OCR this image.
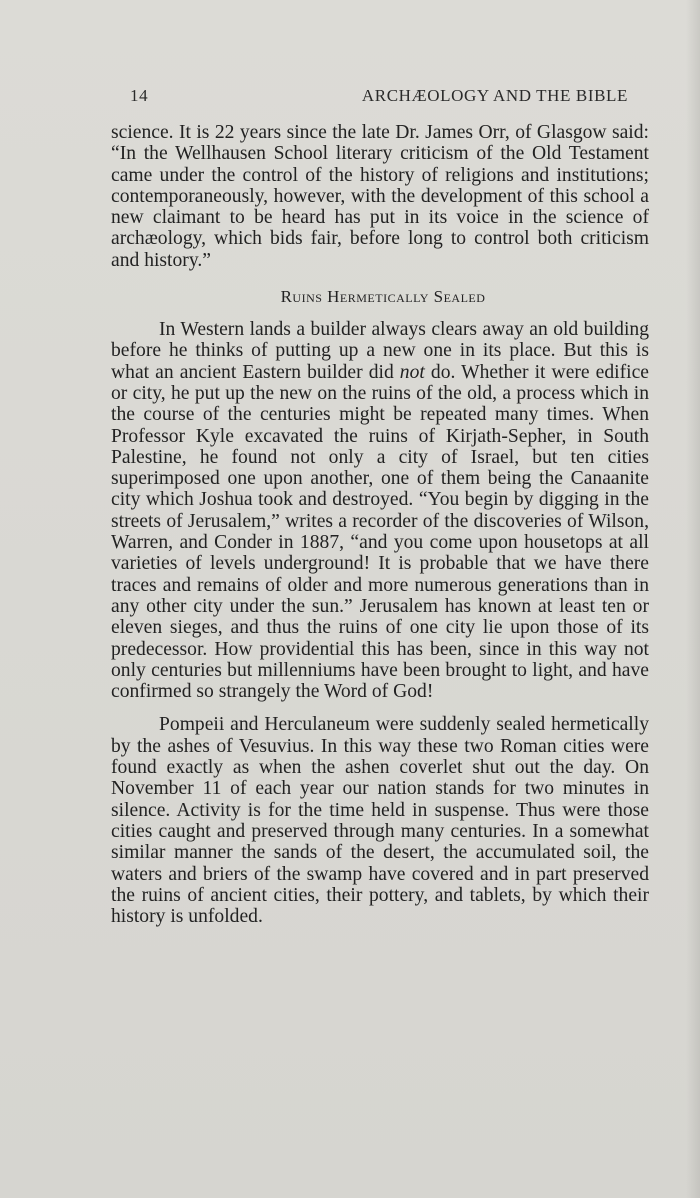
14	ARCHÆOLOGY AND THE BIBLE

science. It is 22 years since the late Dr. James Orr, of Glasgow said: “In the Wellhausen School literary criticism of the Old Testament came under the control of the history of religions and institutions; contemporaneously, however, with the development of this school a new claimant to be heard has put in its voice in the science of archæology, which bids fair, before long to control both criticism and history.”

Ruins Hermetically Sealed

In Western lands a builder always clears away an old building before he thinks of putting up a new one in its place. But this is what an ancient Eastern builder did not do. Whether it were edifice or city, he put up the new on the ruins of the old, a process which in the course of the centuries might be repeated many times. When Professor Kyle excavated the ruins of Kirjath-Sepher, in South Palestine, he found not only a city of Israel, but ten cities superimposed one upon another, one of them being the Canaanite city which Joshua took and destroyed. “You begin by digging in the streets of Jerusalem,” writes a recorder of the discoveries of Wilson, Warren, and Conder in 1887, “and you come upon housetops at all varieties of levels underground! It is probable that we have there traces and remains of older and more numerous generations than in any other city under the sun.” Jerusalem has known at least ten or eleven sieges, and thus the ruins of one city lie upon those of its predecessor. How providential this has been, since in this way not only centuries but millenniums have been brought to light, and have confirmed so strangely the Word of God!

Pompeii and Herculaneum were suddenly sealed hermetically by the ashes of Vesuvius. In this way these two Roman cities were found exactly as when the ashen coverlet shut out the day. On November 11 of each year our nation stands for two minutes in silence. Activity is for the time held in suspense. Thus were those cities caught and preserved through many centuries. In a somewhat similar manner the sands of the desert, the accumulated soil, the waters and briers of the swamp have covered and in part preserved the ruins of ancient cities, their pottery, and tablets, by which their history is unfolded.
